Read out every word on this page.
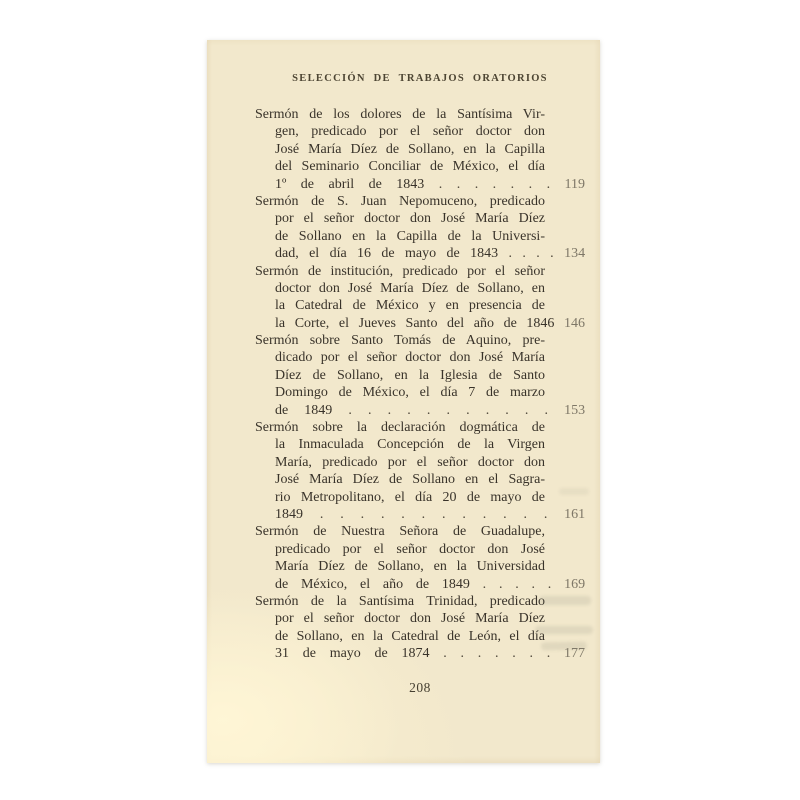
SELECCIÓN DE TRABAJOS ORATORIOS
Sermón de los dolores de la Santísima Vir-
gen, predicado por el señor doctor don
José María Díez de Sollano, en la Capilla
del Seminario Conciliar de México, el día
1º de abril de 1843 . . . . . . . 119
Sermón de S. Juan Nepomuceno, predicado
por el señor doctor don José María Díez
de Sollano en la Capilla de la Universi-
dad, el día 16 de mayo de 1843 . . . . 134
Sermón de institución, predicado por el señor
doctor don José María Díez de Sollano, en
la Catedral de México y en presencia de
la Corte, el Jueves Santo del año de 1846 146
Sermón sobre Santo Tomás de Aquino, pre-
dicado por el señor doctor don José María
Díez de Sollano, en la Iglesia de Santo
Domingo de México, el día 7 de marzo
de 1849 . . . . . . . . . . . 153
Sermón sobre la declaración dogmática de
la Inmaculada Concepción de la Virgen
María, predicado por el señor doctor don
José María Díez de Sollano en el Sagra-
rio Metropolitano, el día 20 de mayo de
1849 . . . . . . . . . . . . 161
Sermón de Nuestra Señora de Guadalupe,
predicado por el señor doctor don José
María Díez de Sollano, en la Universidad
de México, el año de 1849 . . . . . 169
Sermón de la Santísima Trinidad, predicado
por el señor doctor don José María Díez
de Sollano, en la Catedral de León, el día
31 de mayo de 1874 . . . . . . . 177
208
